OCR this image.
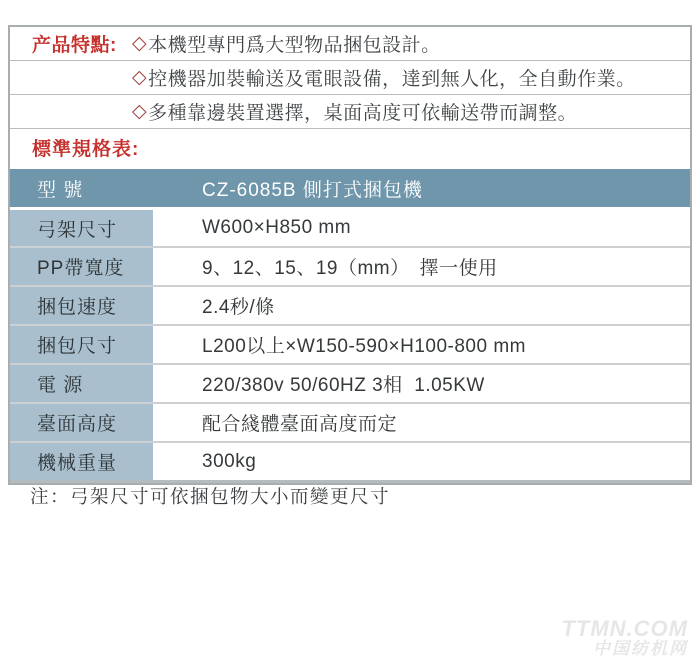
产品特點: ◇ 本機型專門爲大型物品捆包設計。
◇ 控機器加裝輸送及電眼設備，達到無人化，全自動作業。
◇ 多種靠邊裝置選擇，桌面高度可依輸送帶而調整。
標準規格表:
型 號	CZ-6085B 側打式捆包機
弓架尺寸	W600×H850 mm
PP帶寬度	9、12、15、19（mm）　擇一使用
捆包速度	2.4秒/條
捆包尺寸	L200以上×W150-590×H100-800 mm
電 源	220/380v 50/60HZ 3相  1.05KW
臺面高度	配合綫體臺面高度而定
機械重量	300kg
注：弓架尺寸可依捆包物大小而變更尺寸
TTMN.COM
中国纺机网
